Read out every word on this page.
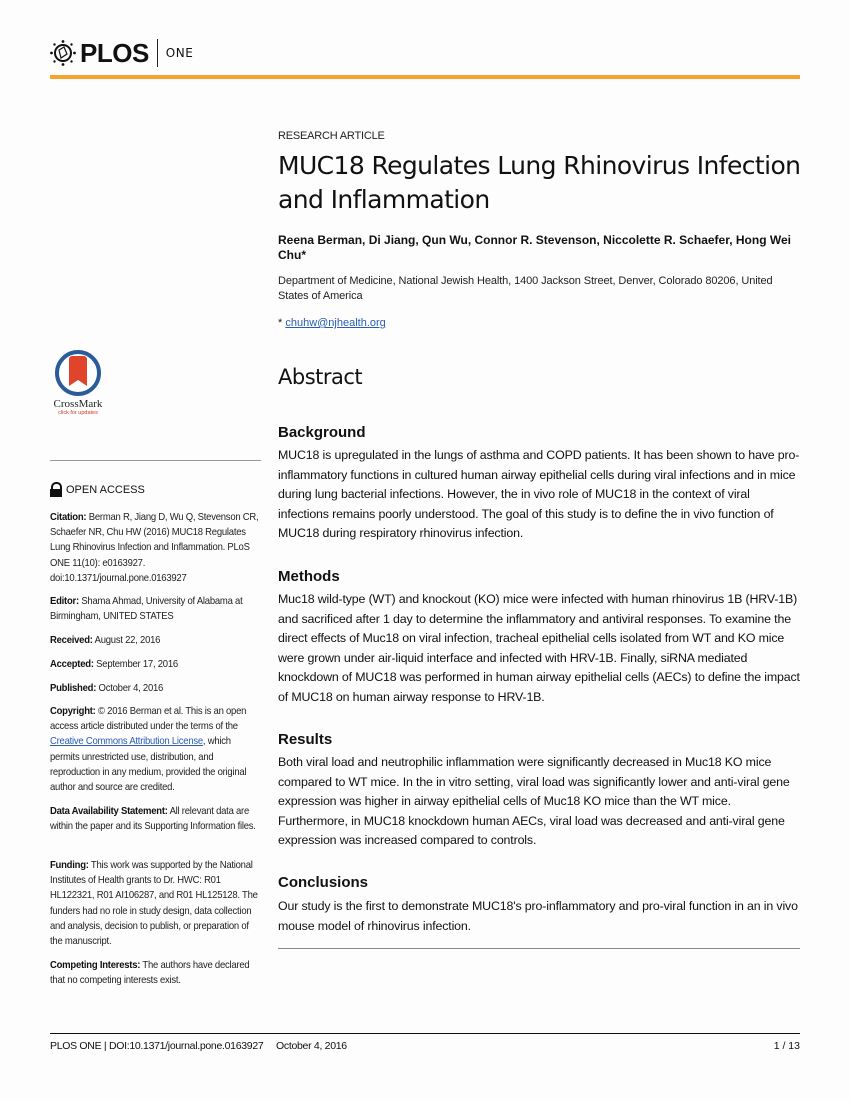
PLOS ONE
RESEARCH ARTICLE
MUC18 Regulates Lung Rhinovirus Infection and Inflammation
Reena Berman, Di Jiang, Qun Wu, Connor R. Stevenson, Niccolette R. Schaefer, Hong Wei Chu*
Department of Medicine, National Jewish Health, 1400 Jackson Street, Denver, Colorado 80206, United States of America
* chuhw@njhealth.org
Abstract
Background
MUC18 is upregulated in the lungs of asthma and COPD patients. It has been shown to have pro-inflammatory functions in cultured human airway epithelial cells during viral infections and in mice during lung bacterial infections. However, the in vivo role of MUC18 in the context of viral infections remains poorly understood. The goal of this study is to define the in vivo function of MUC18 during respiratory rhinovirus infection.
Methods
Muc18 wild-type (WT) and knockout (KO) mice were infected with human rhinovirus 1B (HRV-1B) and sacrificed after 1 day to determine the inflammatory and antiviral responses. To examine the direct effects of Muc18 on viral infection, tracheal epithelial cells isolated from WT and KO mice were grown under air-liquid interface and infected with HRV-1B. Finally, siRNA mediated knockdown of MUC18 was performed in human airway epithelial cells (AECs) to define the impact of MUC18 on human airway response to HRV-1B.
Results
Both viral load and neutrophilic inflammation were significantly decreased in Muc18 KO mice compared to WT mice. In the in vitro setting, viral load was significantly lower and anti-viral gene expression was higher in airway epithelial cells of Muc18 KO mice than the WT mice. Furthermore, in MUC18 knockdown human AECs, viral load was decreased and anti-viral gene expression was increased compared to controls.
Conclusions
Our study is the first to demonstrate MUC18's pro-inflammatory and pro-viral function in an in vivo mouse model of rhinovirus infection.
CrossMark
click for updates
OPEN ACCESS
Citation: Berman R, Jiang D, Wu Q, Stevenson CR, Schaefer NR, Chu HW (2016) MUC18 Regulates Lung Rhinovirus Infection and Inflammation. PLoS ONE 11(10): e0163927. doi:10.1371/journal.pone.0163927
Editor: Shama Ahmad, University of Alabama at Birmingham, UNITED STATES
Received: August 22, 2016
Accepted: September 17, 2016
Published: October 4, 2016
Copyright: © 2016 Berman et al. This is an open access article distributed under the terms of the Creative Commons Attribution License, which permits unrestricted use, distribution, and reproduction in any medium, provided the original author and source are credited.
Data Availability Statement: All relevant data are within the paper and its Supporting Information files.
Funding: This work was supported by the National Institutes of Health grants to Dr. HWC: R01 HL122321, R01 AI106287, and R01 HL125128. The funders had no role in study design, data collection and analysis, decision to publish, or preparation of the manuscript.
Competing Interests: The authors have declared that no competing interests exist.
PLOS ONE | DOI:10.1371/journal.pone.0163927 October 4, 2016	1 / 13
